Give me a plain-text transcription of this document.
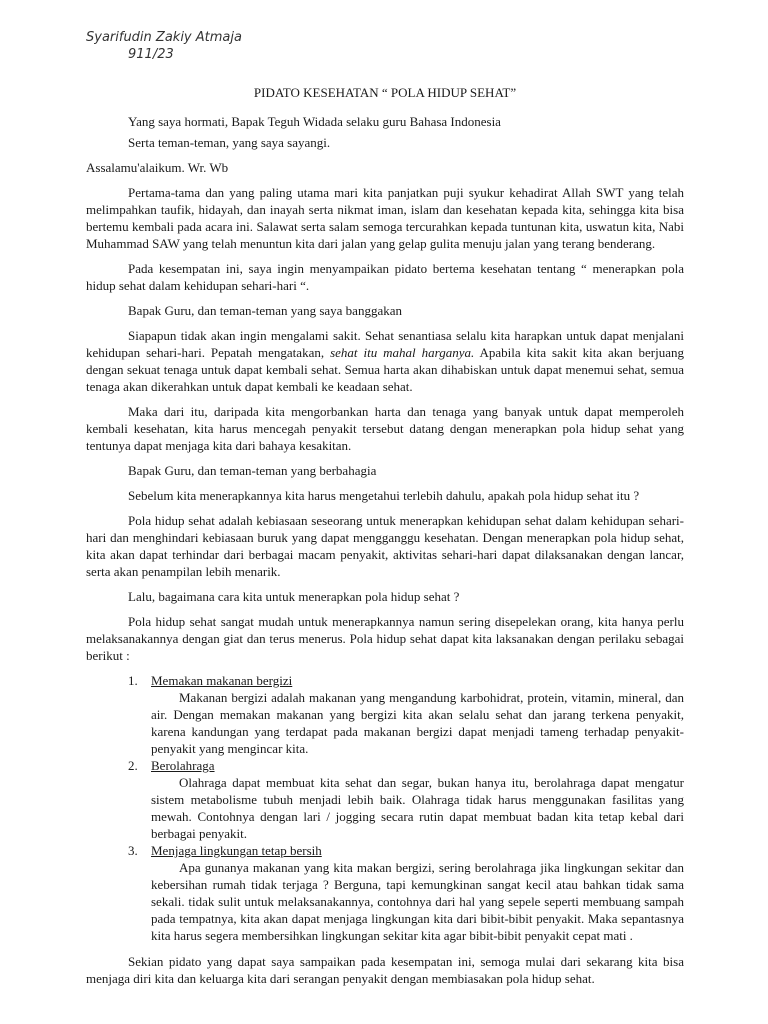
Syarifudin Zakiy Atmaja
911/23

PIDATO KESEHATAN “ POLA HIDUP SEHAT”

Yang saya hormati, Bapak Teguh Widada selaku guru Bahasa Indonesia

Serta teman-teman, yang saya sayangi.

Assalamu'alaikum. Wr. Wb

Pertama-tama dan yang paling utama mari kita panjatkan puji syukur kehadirat Allah SWT yang telah melimpahkan taufik, hidayah, dan inayah serta nikmat iman, islam dan kesehatan kepada kita, sehingga kita bisa bertemu kembali pada acara ini. Salawat serta salam semoga tercurahkan kepada tuntunan kita, uswatun kita, Nabi Muhammad SAW yang telah menuntun kita dari jalan yang gelap gulita menuju jalan yang terang benderang.

Pada kesempatan ini, saya ingin menyampaikan pidato bertema kesehatan tentang “ menerapkan pola hidup sehat dalam kehidupan sehari-hari “.

Bapak Guru, dan teman-teman yang saya banggakan

Siapapun tidak akan ingin mengalami sakit. Sehat senantiasa selalu kita harapkan untuk dapat menjalani kehidupan sehari-hari. Pepatah mengatakan, sehat itu mahal harganya. Apabila kita sakit kita akan berjuang dengan sekuat tenaga untuk dapat kembali sehat. Semua harta akan dihabiskan untuk dapat menemui sehat, semua tenaga akan dikerahkan untuk dapat kembali ke keadaan sehat.

Maka dari itu, daripada kita mengorbankan harta dan tenaga yang banyak untuk dapat memperoleh kembali kesehatan, kita harus mencegah penyakit tersebut datang dengan menerapkan pola hidup sehat yang tentunya dapat menjaga kita dari bahaya kesakitan.

Bapak Guru, dan teman-teman yang berbahagia

Sebelum kita menerapkannya kita harus mengetahui terlebih dahulu, apakah pola hidup sehat itu ?

Pola hidup sehat adalah kebiasaan seseorang untuk menerapkan kehidupan sehat dalam kehidupan sehari-hari dan menghindari kebiasaan buruk yang dapat mengganggu kesehatan. Dengan menerapkan pola hidup sehat, kita akan dapat terhindar dari berbagai macam penyakit, aktivitas sehari-hari dapat dilaksanakan dengan lancar, serta akan penampilan lebih menarik.

Lalu, bagaimana cara kita untuk menerapkan pola hidup sehat ?

Pola hidup sehat sangat mudah untuk menerapkannya namun sering disepelekan orang, kita hanya perlu melaksanakannya dengan giat dan terus menerus. Pola hidup sehat dapat kita laksanakan dengan perilaku sebagai berikut :

1. Memakan makanan bergizi
Makanan bergizi adalah makanan yang mengandung karbohidrat, protein, vitamin, mineral, dan air. Dengan memakan makanan yang bergizi kita akan selalu sehat dan jarang terkena penyakit, karena kandungan yang terdapat pada makanan bergizi dapat menjadi tameng terhadap penyakit-penyakit yang mengincar kita.
2. Berolahraga
Olahraga dapat membuat kita sehat dan segar, bukan hanya itu, berolahraga dapat mengatur sistem metabolisme tubuh menjadi lebih baik. Olahraga tidak harus menggunakan fasilitas yang mewah. Contohnya dengan lari / jogging secara rutin dapat membuat badan kita tetap kebal dari berbagai penyakit.
3. Menjaga lingkungan tetap bersih
Apa gunanya makanan yang kita makan bergizi, sering berolahraga jika lingkungan sekitar dan kebersihan rumah tidak terjaga ? Berguna, tapi kemungkinan sangat kecil atau bahkan tidak sama sekali. tidak sulit untuk melaksanakannya, contohnya dari hal yang sepele seperti membuang sampah pada tempatnya, kita akan dapat menjaga lingkungan kita dari bibit-bibit penyakit. Maka sepantasnya kita harus segera membersihkan lingkungan sekitar kita agar bibit-bibit penyakit cepat mati .

Sekian pidato yang dapat saya sampaikan pada kesempatan ini, semoga mulai dari sekarang kita bisa menjaga diri kita dan keluarga kita dari serangan penyakit dengan membiasakan pola hidup sehat.
